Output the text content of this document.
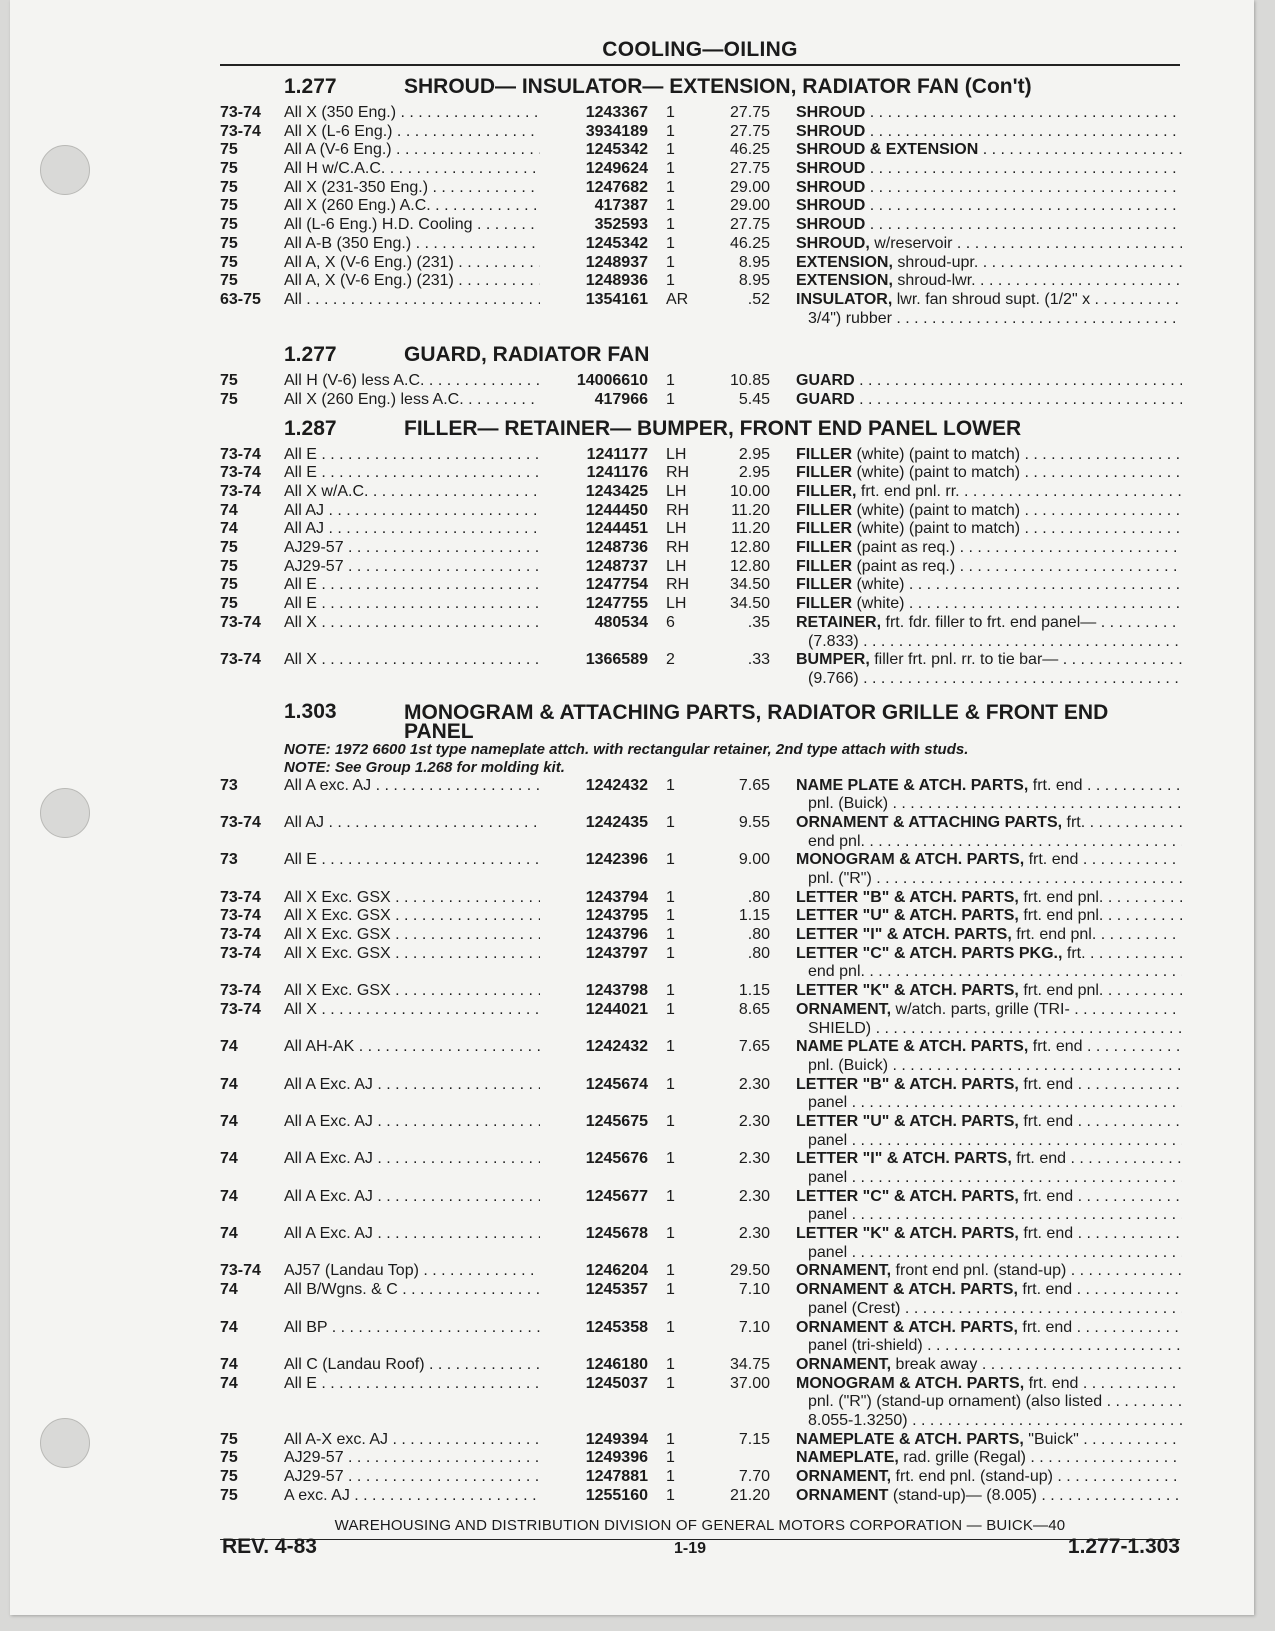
COOLING—OILING
1.277	SHROUD— INSULATOR— EXTENSION, RADIATOR FAN (Con't)
73-74	All X (350 Eng.) . . .	1243367 1	27.75 SHROUD . . .
73-74	All X (L-6 Eng.) . . .	3934189 1	27.75 SHROUD . . .
75	All A (V-6 Eng.) . . .	1245342 1	46.25 SHROUD & EXTENSION . . .
75	All H w/C.A.C. . . .	1249624 1	27.75 SHROUD . . .
75	All X (231-350 Eng.) . . .	1247682 1	29.00 SHROUD . . .
75	All X (260 Eng.) A.C. . . .	417387 1	29.00 SHROUD . . .
75	All (L-6 Eng.) H.D. Cooling . . .	352593 1	27.75 SHROUD . . .
75	All A-B (350 Eng.) . . .	1245342 1	46.25 SHROUD, w/reservoir . . .
75	All A, X (V-6 Eng.) (231) . . .	1248937 1	8.95 EXTENSION, shroud-upr. . . .
75	All A, X (V-6 Eng.) (231) . . .	1248936 1	8.95 EXTENSION, shroud-lwr. . . .
63-75	All . . .	1354161 AR	.52 INSULATOR, lwr. fan shroud supt. (1/2" x . . .
3/4") rubber . . .
1.277	GUARD, RADIATOR FAN
75	All H (V-6) less A.C. . . .	14006610 1	10.85 GUARD . . .
75	All X (260 Eng.) less A.C. . . .	417966 1	5.45 GUARD . . .
1.287	FILLER— RETAINER— BUMPER, FRONT END PANEL LOWER
73-74	All E . . .	1241177 LH	2.95 FILLER (white) (paint to match) . . .
73-74	All E . . .	1241176 RH	2.95 FILLER (white) (paint to match) . . .
73-74	All X w/A.C. . . .	1243425 LH	10.00 FILLER, frt. end pnl. rr. . . .
74	All AJ . . .	1244450 RH	11.20 FILLER (white) (paint to match) . . .
74	All AJ . . .	1244451 LH	11.20 FILLER (white) (paint to match) . . .
75	AJ29-57 . . .	1248736 RH	12.80 FILLER (paint as req.) . . .
75	AJ29-57 . . .	1248737 LH	12.80 FILLER (paint as req.) . . .
75	All E . . .	1247754 RH	34.50 FILLER (white) . . .
75	All E . . .	1247755 LH	34.50 FILLER (white) . . .
73-74	All X . . .	480534 6	.35 RETAINER, frt. fdr. filler to frt. end panel— . . .
(7.833) . . .
73-74	All X . . .	1366589 2	.33 BUMPER, filler frt. pnl. rr. to tie bar— . . .
(9.766) . . .
1.303	MONOGRAM & ATTACHING PARTS, RADIATOR GRILLE & FRONT END PANEL
NOTE: 1972 6600 1st type nameplate attch. with rectangular retainer, 2nd type attach with studs.
NOTE: See Group 1.268 for molding kit.
73	All A exc. AJ . . .	1242432 1	7.65 NAME PLATE & ATCH. PARTS, frt. end . . .
pnl. (Buick) . . .
73-74	All AJ . . .	1242435 1	9.55 ORNAMENT & ATTACHING PARTS, frt. . . .
end pnl. . . .
73	All E . . .	1242396 1	9.00 MONOGRAM & ATCH. PARTS, frt. end . . .
pnl. ("R") . . .
73-74	All X Exc. GSX . . .	1243794 1	.80 LETTER "B" & ATCH. PARTS, frt. end pnl. . . .
73-74	All X Exc. GSX . . .	1243795 1	1.15 LETTER "U" & ATCH. PARTS, frt. end pnl. . . .
73-74	All X Exc. GSX . . .	1243796 1	.80 LETTER "I" & ATCH. PARTS, frt. end pnl. . . .
73-74	All X Exc. GSX . . .	1243797 1	.80 LETTER "C" & ATCH. PARTS PKG., frt. . . .
end pnl. . . .
73-74	All X Exc. GSX . . .	1243798 1	1.15 LETTER "K" & ATCH. PARTS, frt. end pnl. . . .
73-74	All X . . .	1244021 1	8.65 ORNAMENT, w/atch. parts, grille (TRI- . . .
SHIELD) . . .
74	All AH-AK . . .	1242432 1	7.65 NAME PLATE & ATCH. PARTS, frt. end . . .
pnl. (Buick) . . .
74	All A Exc. AJ . . .	1245674 1	2.30 LETTER "B" & ATCH. PARTS, frt. end . . .
panel . . .
74	All A Exc. AJ . . .	1245675 1	2.30 LETTER "U" & ATCH. PARTS, frt. end . . .
panel . . .
74	All A Exc. AJ . . .	1245676 1	2.30 LETTER "I" & ATCH. PARTS, frt. end . . .
panel . . .
74	All A Exc. AJ . . .	1245677 1	2.30 LETTER "C" & ATCH. PARTS, frt. end . . .
panel . . .
74	All A Exc. AJ . . .	1245678 1	2.30 LETTER "K" & ATCH. PARTS, frt. end . . .
panel . . .
73-74	AJ57 (Landau Top) . . .	1246204 1	29.50 ORNAMENT, front end pnl. (stand-up) . . .
74	All B/Wgns. & C . . .	1245357 1	7.10 ORNAMENT & ATCH. PARTS, frt. end . . .
panel (Crest) . . .
74	All BP . . .	1245358 1	7.10 ORNAMENT & ATCH. PARTS, frt. end . . .
panel (tri-shield) . . .
74	All C (Landau Roof) . . .	1246180 1	34.75 ORNAMENT, break away . . .
74	All E . . .	1245037 1	37.00 MONOGRAM & ATCH. PARTS, frt. end . . .
pnl. ("R") (stand-up ornament) (also listed . . .
8.055-1.3250) . . .
75	All A-X exc. AJ . . .	1249394 1	7.15 NAMEPLATE & ATCH. PARTS, "Buick" . . .
75	AJ29-57 . . .	1249396 1	NAMEPLATE, rad. grille (Regal) . . .
75	AJ29-57 . . .	1247881 1	7.70 ORNAMENT, frt. end pnl. (stand-up) . . .
75	A exc. AJ . . .	1255160 1	21.20 ORNAMENT (stand-up)— (8.005) . . .
WAREHOUSING AND DISTRIBUTION DIVISION OF GENERAL MOTORS CORPORATION — BUICK—40
REV. 4-83	1-19	1.277-1.303
